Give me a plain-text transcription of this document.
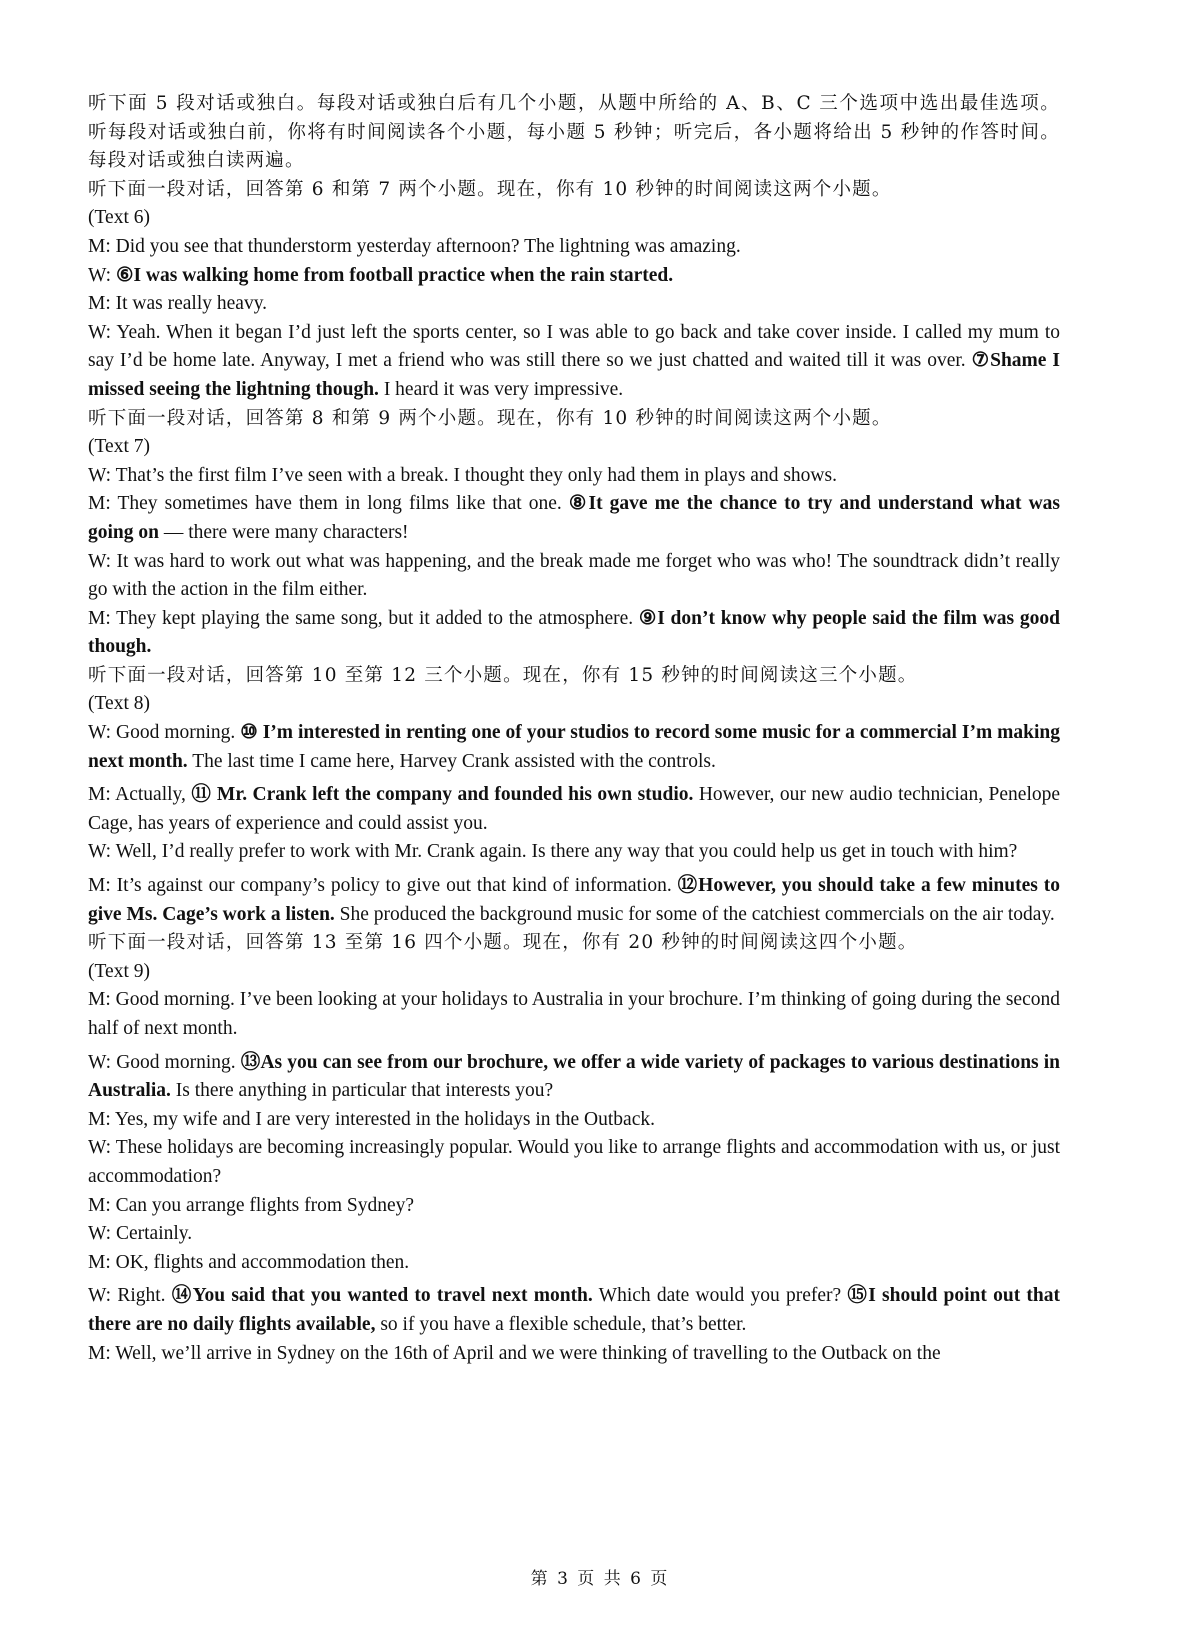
听下面 5 段对话或独白。每段对话或独白后有几个小题，从题中所给的 A、B、C 三个选项中选出最佳选项。听每段对话或独白前，你将有时间阅读各个小题，每小题 5 秒钟；听完后，各小题将给出 5 秒钟的作答时间。每段对话或独白读两遍。

听下面一段对话，回答第 6 和第 7 两个小题。现在，你有 10 秒钟的时间阅读这两个小题。

(Text 6)

M: Did you see that thunderstorm yesterday afternoon? The lightning was amazing.

W: ⑥I was walking home from football practice when the rain started.

M: It was really heavy.

W: Yeah. When it began I’d just left the sports center, so I was able to go back and take cover inside. I called my mum to say I’d be home late. Anyway, I met a friend who was still there so we just chatted and waited till it was over. ⑦Shame I missed seeing the lightning though. I heard it was very impressive.

听下面一段对话，回答第 8 和第 9 两个小题。现在，你有 10 秒钟的时间阅读这两个小题。

(Text 7)

W: That’s the first film I’ve seen with a break. I thought they only had them in plays and shows.

M: They sometimes have them in long films like that one. ⑧It gave me the chance to try and understand what was going on — there were many characters!

W: It was hard to work out what was happening, and the break made me forget who was who! The soundtrack didn’t really go with the action in the film either.

M: They kept playing the same song, but it added to the atmosphere. ⑨I don’t know why people said the film was good though.

听下面一段对话，回答第 10 至第 12 三个小题。现在，你有 15 秒钟的时间阅读这三个小题。

(Text 8)

W: Good morning. ⑩ I’m interested in renting one of your studios to record some music for a commercial I’m making next month. The last time I came here, Harvey Crank assisted with the controls.

M: Actually, ⑪ Mr. Crank left the company and founded his own studio. However, our new audio technician, Penelope Cage, has years of experience and could assist you.

W: Well, I’d really prefer to work with Mr. Crank again. Is there any way that you could help us get in touch with him?

M: It’s against our company’s policy to give out that kind of information. ⑫However, you should take a few minutes to give Ms. Cage’s work a listen. She produced the background music for some of the catchiest commercials on the air today.

听下面一段对话，回答第 13 至第 16 四个小题。现在，你有 20 秒钟的时间阅读这四个小题。

(Text 9)

M: Good morning. I’ve been looking at your holidays to Australia in your brochure. I’m thinking of going during the second half of next month.

W: Good morning. ⑬As you can see from our brochure, we offer a wide variety of packages to various destinations in Australia. Is there anything in particular that interests you?

M: Yes, my wife and I are very interested in the holidays in the Outback.

W: These holidays are becoming increasingly popular. Would you like to arrange flights and accommodation with us, or just accommodation?

M: Can you arrange flights from Sydney?

W: Certainly.

M: OK, flights and accommodation then.

W: Right. ⑭You said that you wanted to travel next month. Which date would you prefer? ⑮I should point out that there are no daily flights available, so if you have a flexible schedule, that’s better.

M: Well, we’ll arrive in Sydney on the 16th of April and we were thinking of travelling to the Outback on the

第 3 页 共 6 页
